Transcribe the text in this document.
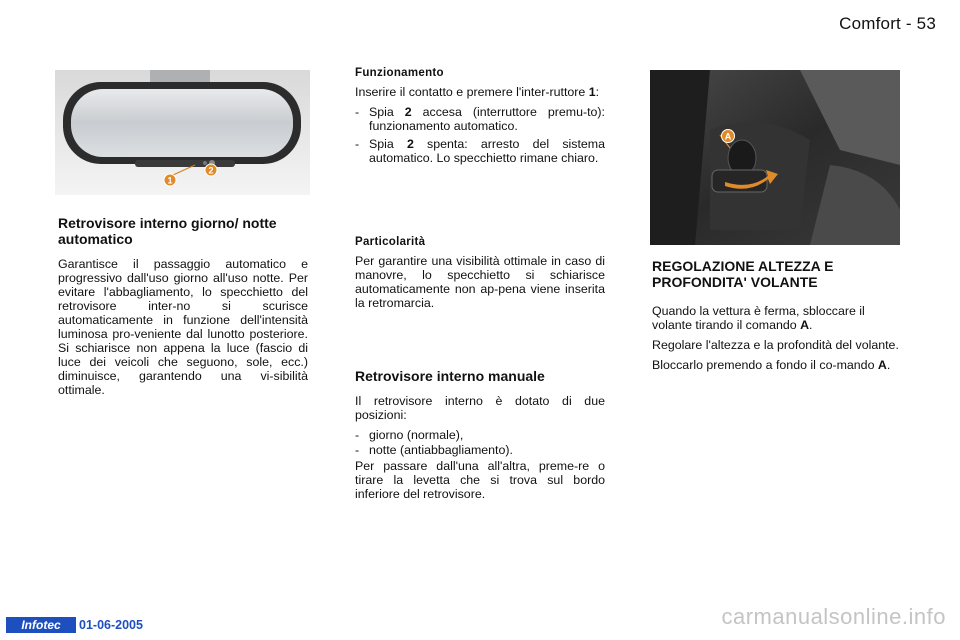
Comfort - 53
1
2
Retrovisore interno giorno/ notte automatico

Garantisce il passaggio automatico e progressivo dall'uso giorno all'uso notte. Per evitare l'abbagliamento, lo specchietto del retrovisore inter-no si scurisce automaticamente in funzione dell'intensità luminosa pro-veniente dal lunotto posteriore. Si schiarisce non appena la luce (fascio di luce dei veicoli che seguono, sole, ecc.) diminuisce, garantendo una vi-sibilità ottimale.

Funzionamento

Inserire il contatto e premere l'inter-ruttore 1:

- Spia 2 accesa (interruttore premu-to): funzionamento automatico.
- Spia 2 spenta: arresto del sistema automatico. Lo specchietto rimane chiaro.
Particolarità

Per garantire una visibilità ottimale in caso di manovre, lo specchietto si schiarisce automaticamente non ap-pena viene inserita la retromarcia.

Retrovisore interno manuale

Il retrovisore interno è dotato di due posizioni:

- giorno (normale),
- notte (antiabbagliamento).

Per passare dall'una all'altra, preme-re o tirare la levetta che si trova sul bordo inferiore del retrovisore.

A
REGOLAZIONE ALTEZZA E PROFONDITA' VOLANTE

Quando la vettura è ferma, sbloccare il volante tirando il comando A.

Regolare l'altezza e la profondità del volante.

Bloccarlo premendo a fondo il co-mando A.

Infotec	01-06-2005	carmanualsonline.info
